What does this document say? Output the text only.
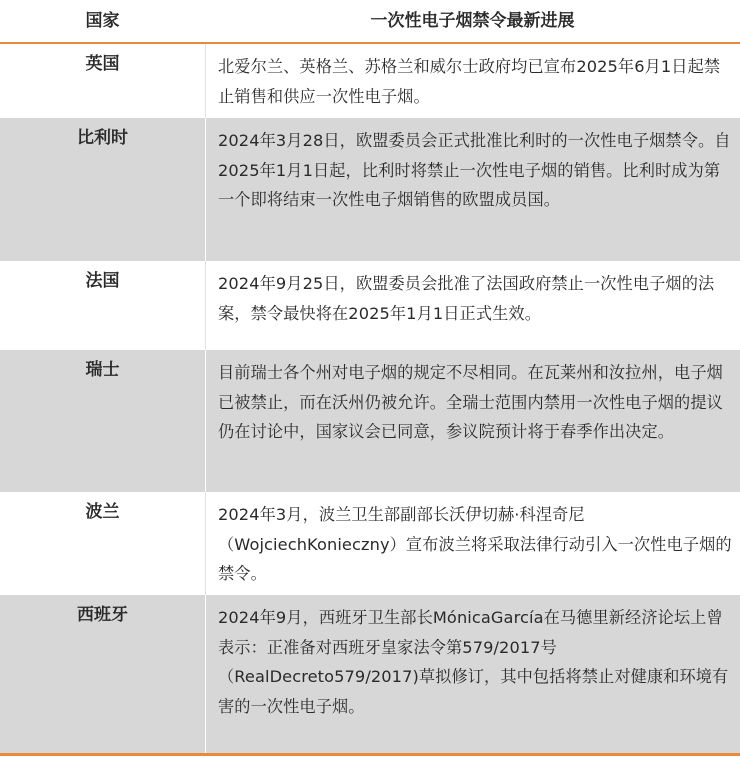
国家	一次性电子烟禁令最新进展
英国	北爱尔兰、英格兰、苏格兰和威尔士政府均已宣布2025年6月1日起禁止销售和供应一次性电子烟。
比利时	2024年3月28日，欧盟委员会正式批准比利时的一次性电子烟禁令。自2025年1月1日起，比利时将禁止一次性电子烟的销售。比利时成为第一个即将结束一次性电子烟销售的欧盟成员国。
法国	2024年9月25日，欧盟委员会批准了法国政府禁止一次性电子烟的法案，禁令最快将在2025年1月1日正式生效。
瑞士	目前瑞士各个州对电子烟的规定不尽相同。在瓦莱州和汝拉州，电子烟已被禁止，而在沃州仍被允许。全瑞士范围内禁用一次性电子烟的提议仍在讨论中，国家议会已同意，参议院预计将于春季作出决定。
波兰	2024年3月，波兰卫生部副部长沃伊切赫·科涅奇尼（WojciechKonieczny）宣布波兰将采取法律行动引入一次性电子烟的禁令。
西班牙	2024年9月，西班牙卫生部长MónicaGarcía在马德里新经济论坛上曾表示：正准备对西班牙皇家法令第579/2017号（RealDecreto579/2017)草拟修订，其中包括将禁止对健康和环境有害的一次性电子烟。
